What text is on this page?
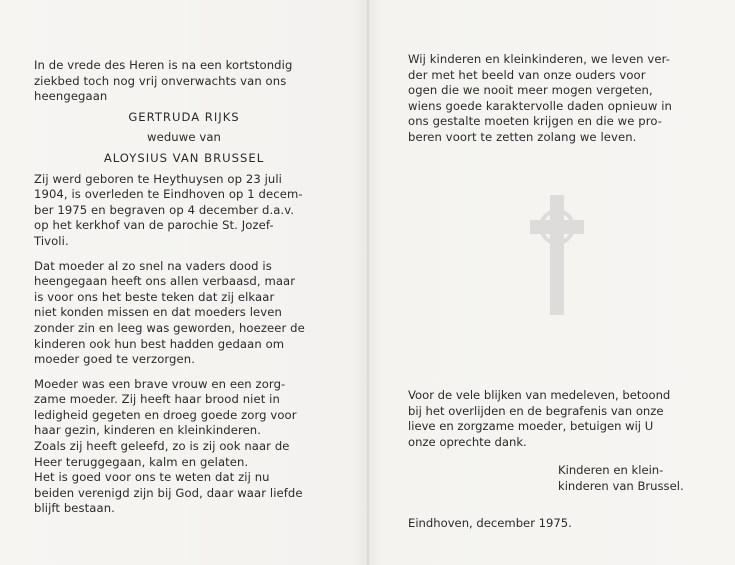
In de vrede des Heren is na een kortstondig
ziekbed toch nog vrij onverwachts van ons
heengegaan
GERTRUDA RIJKS
weduwe van
ALOYSIUS VAN BRUSSEL
Zij werd geboren te Heythuysen op 23 juli
1904, is overleden te Eindhoven op 1 decem-
ber 1975 en begraven op 4 december d.a.v.
op het kerkhof van de parochie St. Jozef-
Tivoli.
Dat moeder al zo snel na vaders dood is
heengegaan heeft ons allen verbaasd, maar
is voor ons het beste teken dat zij elkaar
niet konden missen en dat moeders leven
zonder zin en leeg was geworden, hoezeer de
kinderen ook hun best hadden gedaan om
moeder goed te verzorgen.
Moeder was een brave vrouw en een zorg-
zame moeder. Zij heeft haar brood niet in
ledigheid gegeten en droeg goede zorg voor
haar gezin, kinderen en kleinkinderen.
Zoals zij heeft geleefd, zo is zij ook naar de
Heer teruggegaan, kalm en gelaten.
Het is goed voor ons te weten dat zij nu
beiden verenigd zijn bij God, daar waar liefde
blijft bestaan.
Wij kinderen en kleinkinderen, we leven ver-
der met het beeld van onze ouders voor
ogen die we nooit meer mogen vergeten,
wiens goede karaktervolle daden opnieuw in
ons gestalte moeten krijgen en die we pro-
beren voort te zetten zolang we leven.
Voor de vele blijken van medeleven, betoond
bij het overlijden en de begrafenis van onze
lieve en zorgzame moeder, betuigen wij U
onze oprechte dank.
Kinderen en klein-
kinderen van Brussel.
Eindhoven, december 1975.
